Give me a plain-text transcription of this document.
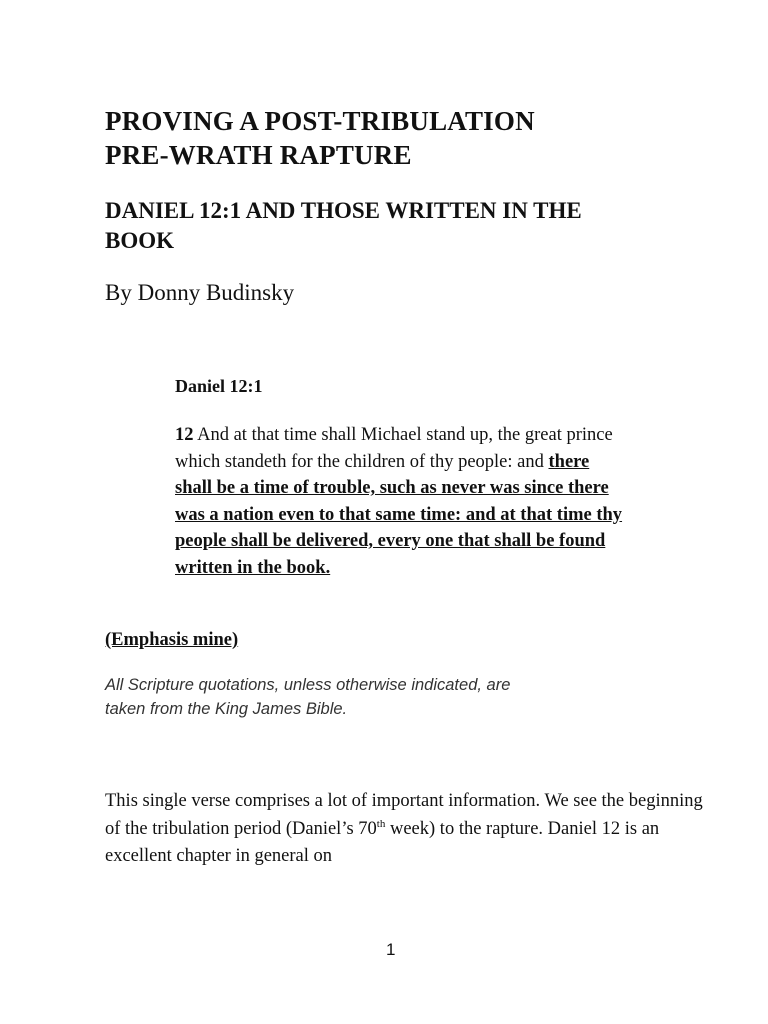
PROVING A POST-TRIBULATION
PRE-WRATH RAPTURE
DANIEL 12:1 AND THOSE WRITTEN IN THE
BOOK

By Donny Budinsky

Daniel 12:1

12 And at that time shall Michael stand up, the great prince which standeth for the children of thy people: and there shall be a time of trouble, such as never was since there was a nation even to that same time: and at that time thy people shall be delivered, every one that shall be found written in the book.

(Emphasis mine)

All Scripture quotations, unless otherwise indicated, are
taken from the King James Bible.

This single verse comprises a lot of important information. We see the beginning of the tribulation period (Daniel’s 70th week) to the rapture. Daniel 12 is an excellent chapter in general on

1
